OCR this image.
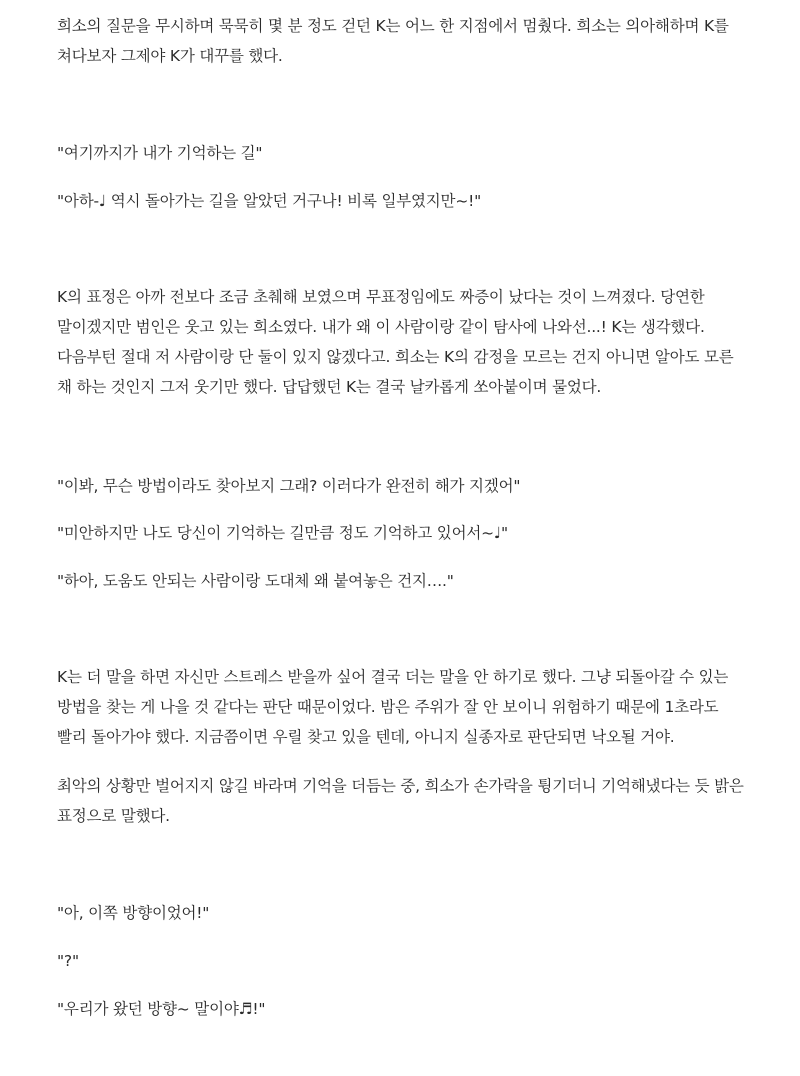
희소의 질문을 무시하며 묵묵히 몇 분 정도 걷던 K는 어느 한 지점에서 멈췄다. 희소는 의아해하며 K를 쳐다보자 그제야 K가 대꾸를 했다.

"여기까지가 내가 기억하는 길"

"아하-♩ 역시 돌아가는 길을 알았던 거구나! 비록 일부였지만~!"

K의 표정은 아까 전보다 조금 초췌해 보였으며 무표정임에도 짜증이 났다는 것이 느껴졌다. 당연한 말이겠지만 범인은 웃고 있는 희소였다. 내가 왜 이 사람이랑 같이 탐사에 나와선...! K는 생각했다. 다음부턴 절대 저 사람이랑 단 둘이 있지 않겠다고. 희소는 K의 감정을 모르는 건지 아니면 알아도 모른 채 하는 것인지 그저 웃기만 했다. 답답했던 K는 결국 날카롭게 쏘아붙이며 물었다.

"이봐, 무슨 방법이라도 찾아보지 그래? 이러다가 완전히 해가 지겠어"

"미안하지만 나도 당신이 기억하는 길만큼 정도 기억하고 있어서~♩"

"하아, 도움도 안되는 사람이랑 도대체 왜 붙여놓은 건지…."

K는 더 말을 하면 자신만 스트레스 받을까 싶어 결국 더는 말을 안 하기로 했다. 그냥 되돌아갈 수 있는 방법을 찾는 게 나을 것 같다는 판단 때문이었다. 밤은 주위가 잘 안 보이니 위험하기 때문에 1초라도 빨리 돌아가야 했다. 지금쯤이면 우릴 찾고 있을 텐데, 아니지 실종자로 판단되면 낙오될 거야.

최악의 상황만 벌어지지 않길 바라며 기억을 더듬는 중, 희소가 손가락을 튕기더니 기억해냈다는 듯 밝은 표정으로 말했다.

"아, 이쪽 방향이었어!"

"?"

"우리가 왔던 방향~ 말이야♬!"
